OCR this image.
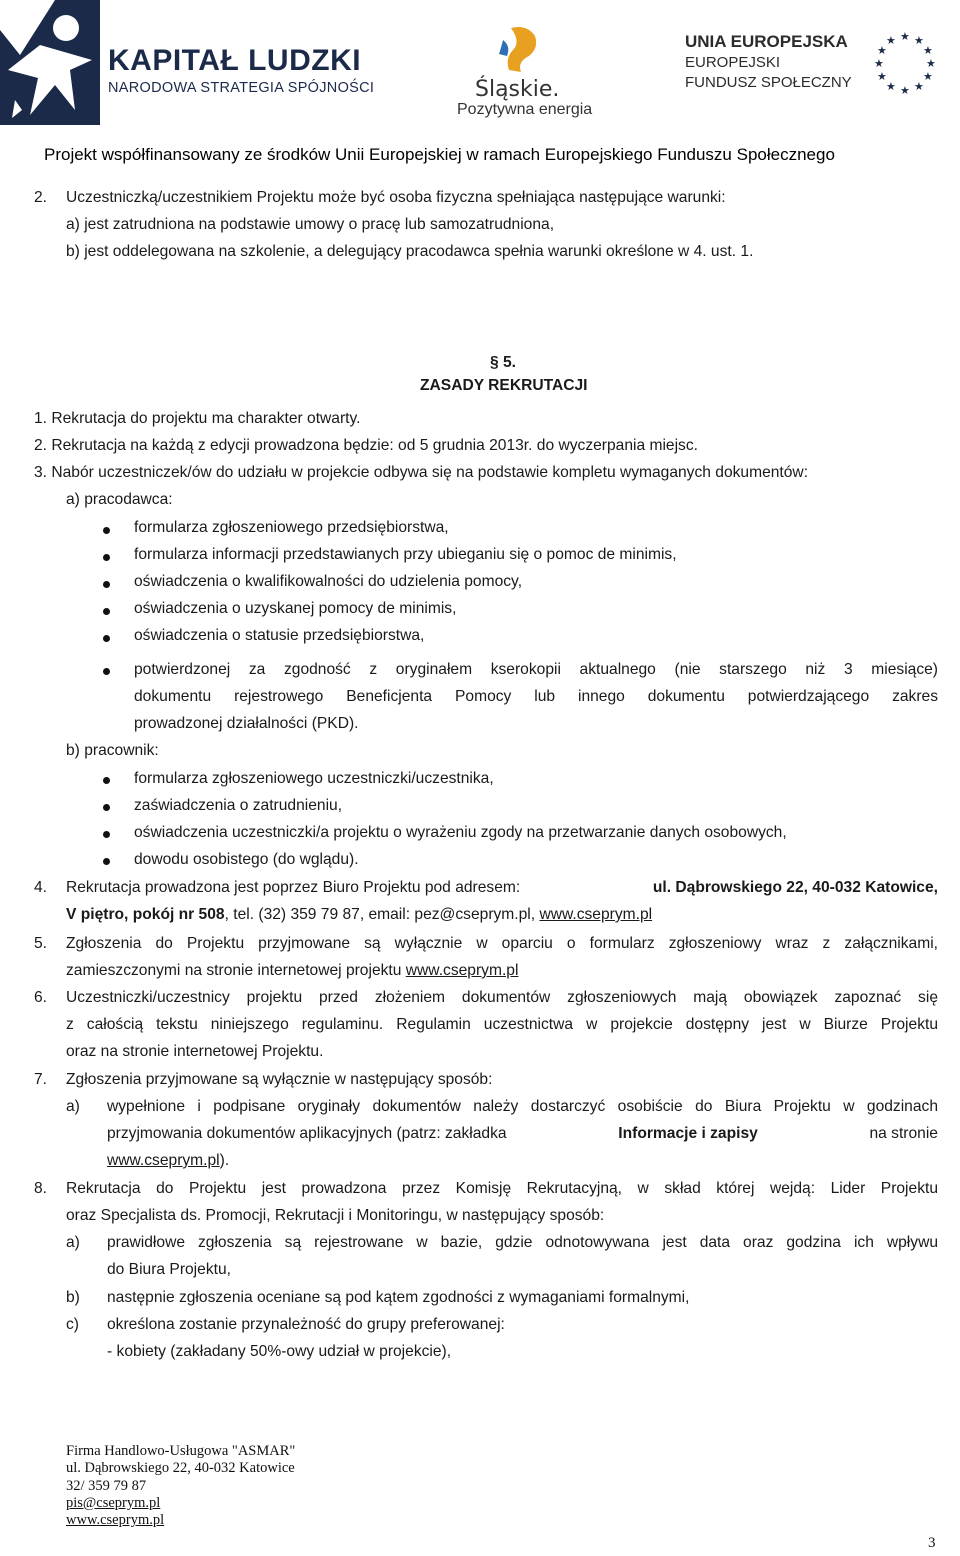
KAPITAŁ LUDZKI
NARODOWA STRATEGIA SPÓJNOŚCI	Śląskie.
Pozytywna energia
UNIA EUROPEJSKA
EUROPEJSKI
FUNDUSZ SPOŁECZNY
★ ★
★
★
★
★
★
★
★
★
★
★
Projekt współfinansowany ze środków Unii Europejskiej w ramach Europejskiego Funduszu Społecznego
2. Uczestniczką/uczestnikiem Projektu może być osoba fizyczna spełniająca następujące warunki:
a) jest zatrudniona na podstawie umowy o pracę lub samozatrudniona,
b) jest oddelegowana na szkolenie, a delegujący pracodawca spełnia warunki określone w 4. ust. 1.
§ 5.
ZASADY REKRUTACJI
1. Rekrutacja do projektu ma charakter otwarty.
2. Rekrutacja na każdą z edycji prowadzona będzie: od 5 grudnia 2013r. do wyczerpania miejsc.
3. Nabór uczestniczek/ów do udziału w projekcie odbywa się na podstawie kompletu wymaganych dokumentów:
a) pracodawca:
formularza zgłoszeniowego przedsiębiorstwa,
formularza informacji przedstawianych przy ubieganiu się o pomoc de minimis,
oświadczenia o kwalifikowalności do udzielenia pomocy,
oświadczenia o uzyskanej pomocy de minimis,
oświadczenia o statusie przedsiębiorstwa,
potwierdzonej za zgodność z oryginałem kserokopii aktualnego (nie starszego niż 3 miesiące)
dokumentu rejestrowego Beneficjenta Pomocy lub innego dokumentu potwierdzającego zakres
prowadzonej działalności (PKD).
b) pracownik:
formularza zgłoszeniowego uczestniczki/uczestnika,
zaświadczenia o zatrudnieniu,
oświadczenia uczestniczki/a projektu o wyrażeniu zgody na przetwarzanie danych osobowych,
dowodu osobistego (do wglądu).
4. Rekrutacja prowadzona jest poprzez Biuro Projektu pod adresem:	ul. Dąbrowskiego 22, 40-032 Katowice,
V piętro, pokój nr 508, tel. (32) 359 79 87, email: pez@cseprym.pl, www.cseprym.pl
5. Zgłoszenia do Projektu przyjmowane są wyłącznie w oparciu o formularz zgłoszeniowy wraz z załącznikami,
zamieszczonymi na stronie internetowej projektu www.cseprym.pl
6. Uczestniczki/uczestnicy projektu przed złożeniem dokumentów zgłoszeniowych mają obowiązek zapoznać się
z całością tekstu niniejszego regulaminu. Regulamin uczestnictwa w projekcie dostępny jest w Biurze Projektu
oraz na stronie internetowej Projektu.
7. Zgłoszenia przyjmowane są wyłącznie w następujący sposób:
a) wypełnione i podpisane oryginały dokumentów należy dostarczyć osobiście do Biura Projektu w godzinach
przyjmowania dokumentów aplikacyjnych (patrz: zakładka	Informacje i zapisy	na stronie
www.cseprym.pl).
8. Rekrutacja do Projektu jest prowadzona przez Komisję Rekrutacyjną, w skład której wejdą: Lider Projektu
oraz Specjalista ds. Promocji, Rekrutacji i Monitoringu, w następujący sposób:
a) prawidłowe zgłoszenia są rejestrowane w bazie, gdzie odnotowywana jest data oraz godzina ich wpływu
do Biura Projektu,
b) następnie zgłoszenia oceniane są pod kątem zgodności z wymaganiami formalnymi,
c) określona zostanie przynależność do grupy preferowanej:
- kobiety (zakładany 50%-owy udział w projekcie),
Firma Handlowo-Usługowa "ASMAR"
ul. Dąbrowskiego 22, 40-032 Katowice
32/ 359 79 87
pis@cseprym.pl
www.cseprym.pl
3
